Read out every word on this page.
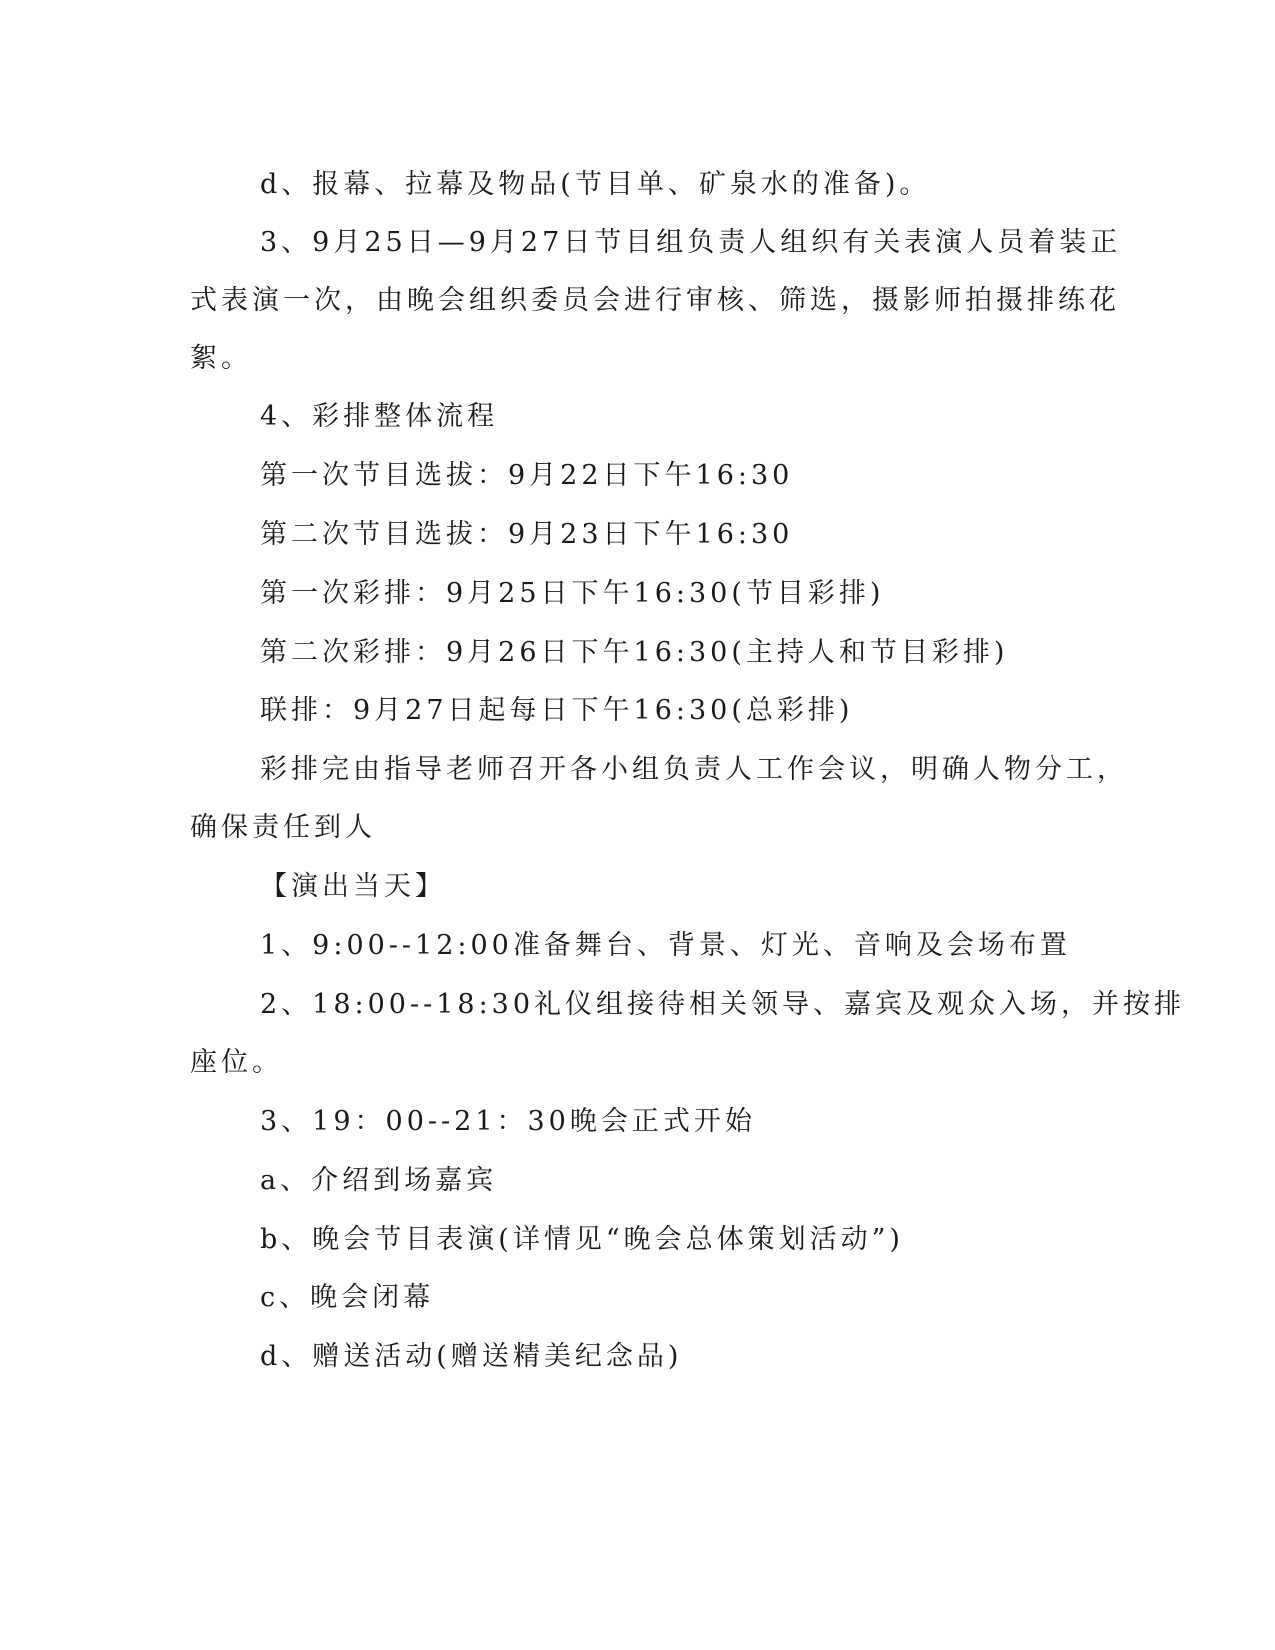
d、报幕、拉幕及物品(节目单、矿泉水的准备)。
3、9月25日—9月27日节目组负责人组织有关表演人员着装正
式表演一次，由晚会组织委员会进行审核、筛选，摄影师拍摄排练花
絮。
4、彩排整体流程
第一次节目选拔：9月22日下午16:30
第二次节目选拔：9月23日下午16:30
第一次彩排：9月25日下午16:30(节目彩排)
第二次彩排：9月26日下午16:30(主持人和节目彩排)
联排：9月27日起每日下午16:30(总彩排)
彩排完由指导老师召开各小组负责人工作会议，明确人物分工，
确保责任到人
【演出当天】
1、9:00--12:00准备舞台、背景、灯光、音响及会场布置
2、18:00--18:30礼仪组接待相关领导、嘉宾及观众入场，并按排
座位。
3、19：00--21：30晚会正式开始
a、介绍到场嘉宾
b、晚会节目表演(详情见“晚会总体策划活动”)
c、晚会闭幕
d、赠送活动(赠送精美纪念品)
